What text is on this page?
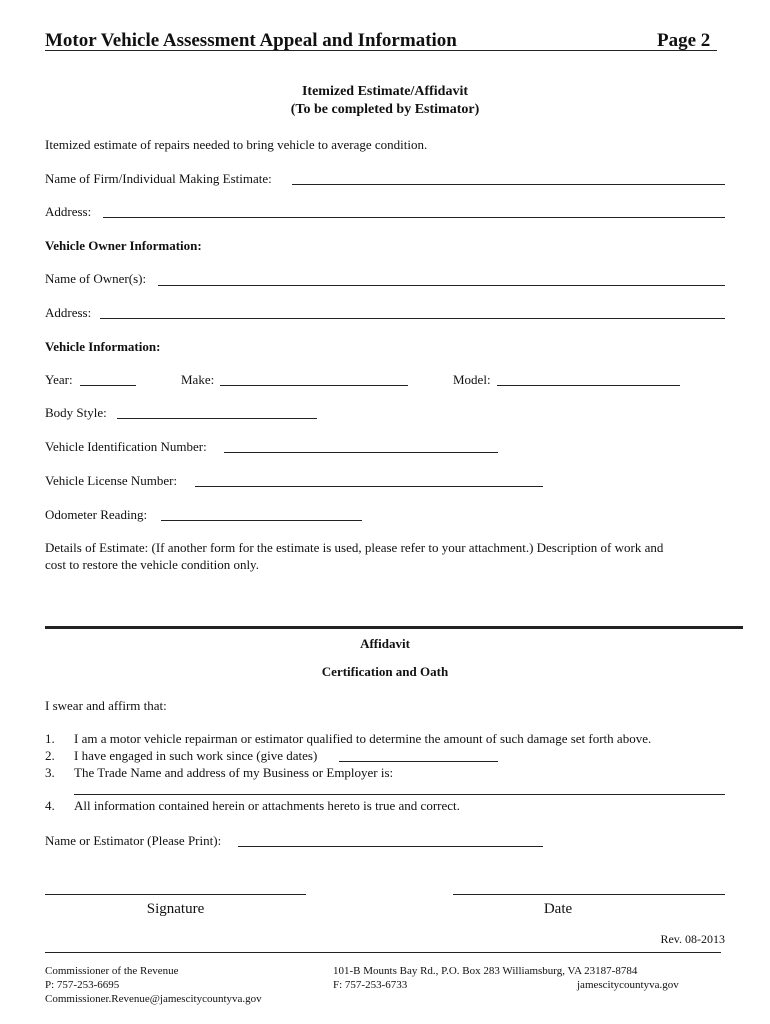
Motor Vehicle Assessment Appeal and Information	Page 2
Itemized Estimate/Affidavit
(To be completed by Estimator)
Itemized estimate of repairs needed to bring vehicle to average condition.
Name of Firm/Individual Making Estimate:
Address:
Vehicle Owner Information:
Name of Owner(s):
Address:
Vehicle Information:
Year:	Make:	Model:
Body Style:
Vehicle Identification Number:
Vehicle License Number:
Odometer Reading:
Details of Estimate: (If another form for the estimate is used, please refer to your attachment.) Description of work and
cost to restore the vehicle condition only.
Affidavit
Certification and Oath
I swear and affirm that:
1. I am a motor vehicle repairman or estimator qualified to determine the amount of such damage set forth above.
2. I have engaged in such work since (give dates)
3. The Trade Name and address of my Business or Employer is:
4. All information contained herein or attachments hereto is true and correct.
Name or Estimator (Please Print):
Signature	Date
Rev. 08-2013
Commissioner of the Revenue
P: 757-253-6695
Commissioner.Revenue@jamescitycountyva.gov
101-B Mounts Bay Rd., P.O. Box 283 Williamsburg, VA 23187-8784
F: 757-253-6733	jamescitycountyva.gov
